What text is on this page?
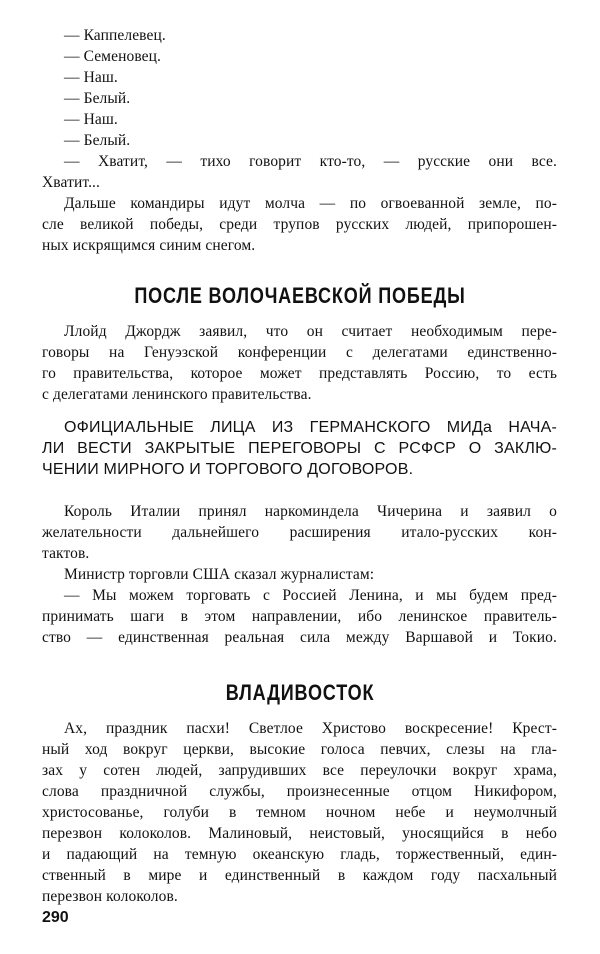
— Каппелевец.
— Семеновец.
— Наш.
— Белый.
— Наш.
— Белый.
— Хватит, — тихо говорит кто-то, — русские они все.
Хватит...
Дальше командиры идут молча — по огвоеванной земле, по-
сле великой победы, среди трупов русских людей, припорошен-
ных искрящимся синим снегом.
ПОСЛЕ ВОЛОЧАЕВСКОЙ ПОБЕДЫ
Ллойд Джордж заявил, что он считает необходимым пере-
говоры на Генуэзской конференции с делегатами единственно-
го правительства, которое может представлять Россию, то есть
с делегатами ленинского правительства.
ОФИЦИАЛЬНЫЕ ЛИЦА ИЗ ГЕРМАНСКОГО МИДа НАЧА-
ЛИ ВЕСТИ ЗАКРЫТЫЕ ПЕРЕГОВОРЫ С РСФСР О ЗАКЛЮ-
ЧЕНИИ МИРНОГО И ТОРГОВОГО ДОГОВОРОВ.
Король Италии принял наркоминдела Чичерина и заявил о
желательности дальнейшего расширения итало-русских кон-
тактов.
Министр торговли США сказал журналистам:
— Мы можем торговать с Россией Ленина, и мы будем пред-
принимать шаги в этом направлении, ибо ленинское правитель-
ство — единственная реальная сила между Варшавой и Токио.
ВЛАДИВОСТОК
Ах, праздник пасхи! Светлое Христово воскресение! Крест-
ный ход вокруг церкви, высокие голоса певчих, слезы на гла-
зах у сотен людей, запрудивших все переулочки вокруг храма,
слова праздничной службы, произнесенные отцом Никифором,
христосованье, голуби в темном ночном небе и неумолчный
перезвон колоколов. Малиновый, неистовый, уносящийся в небо
и падающий на темную океанскую гладь, торжественный, един-
ственный в мире и единственный в каждом году пасхальный
перезвон колоколов.
290
